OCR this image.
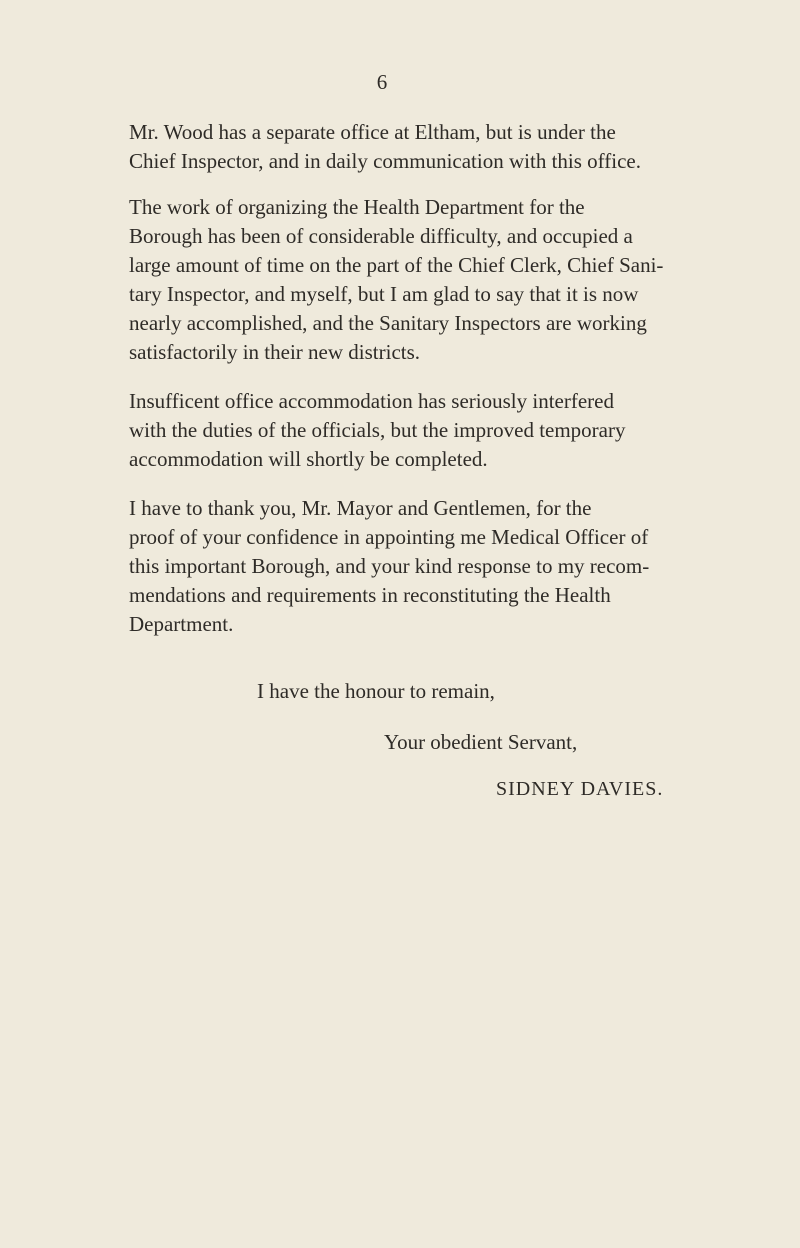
6

Mr. Wood has a separate office at Eltham, but is under the
Chief Inspector, and in daily communication with this office.

The work of organizing the Health Department for the
Borough has been of considerable difficulty, and occupied a
large amount of time on the part of the Chief Clerk, Chief Sani-
tary Inspector, and myself, but I am glad to say that it is now
nearly accomplished, and the Sanitary Inspectors are working
satisfactorily in their new districts.

Insufficent office accommodation has seriously interfered
with the duties of the officials, but the improved temporary
accommodation will shortly be completed.

I have to thank you, Mr. Mayor and Gentlemen, for the
proof of your confidence in appointing me Medical Officer of
this important Borough, and your kind response to my recom-
mendations and requirements in reconstituting the Health
Department.

I have the honour to remain,
Your obedient Servant,
SIDNEY DAVIES.
